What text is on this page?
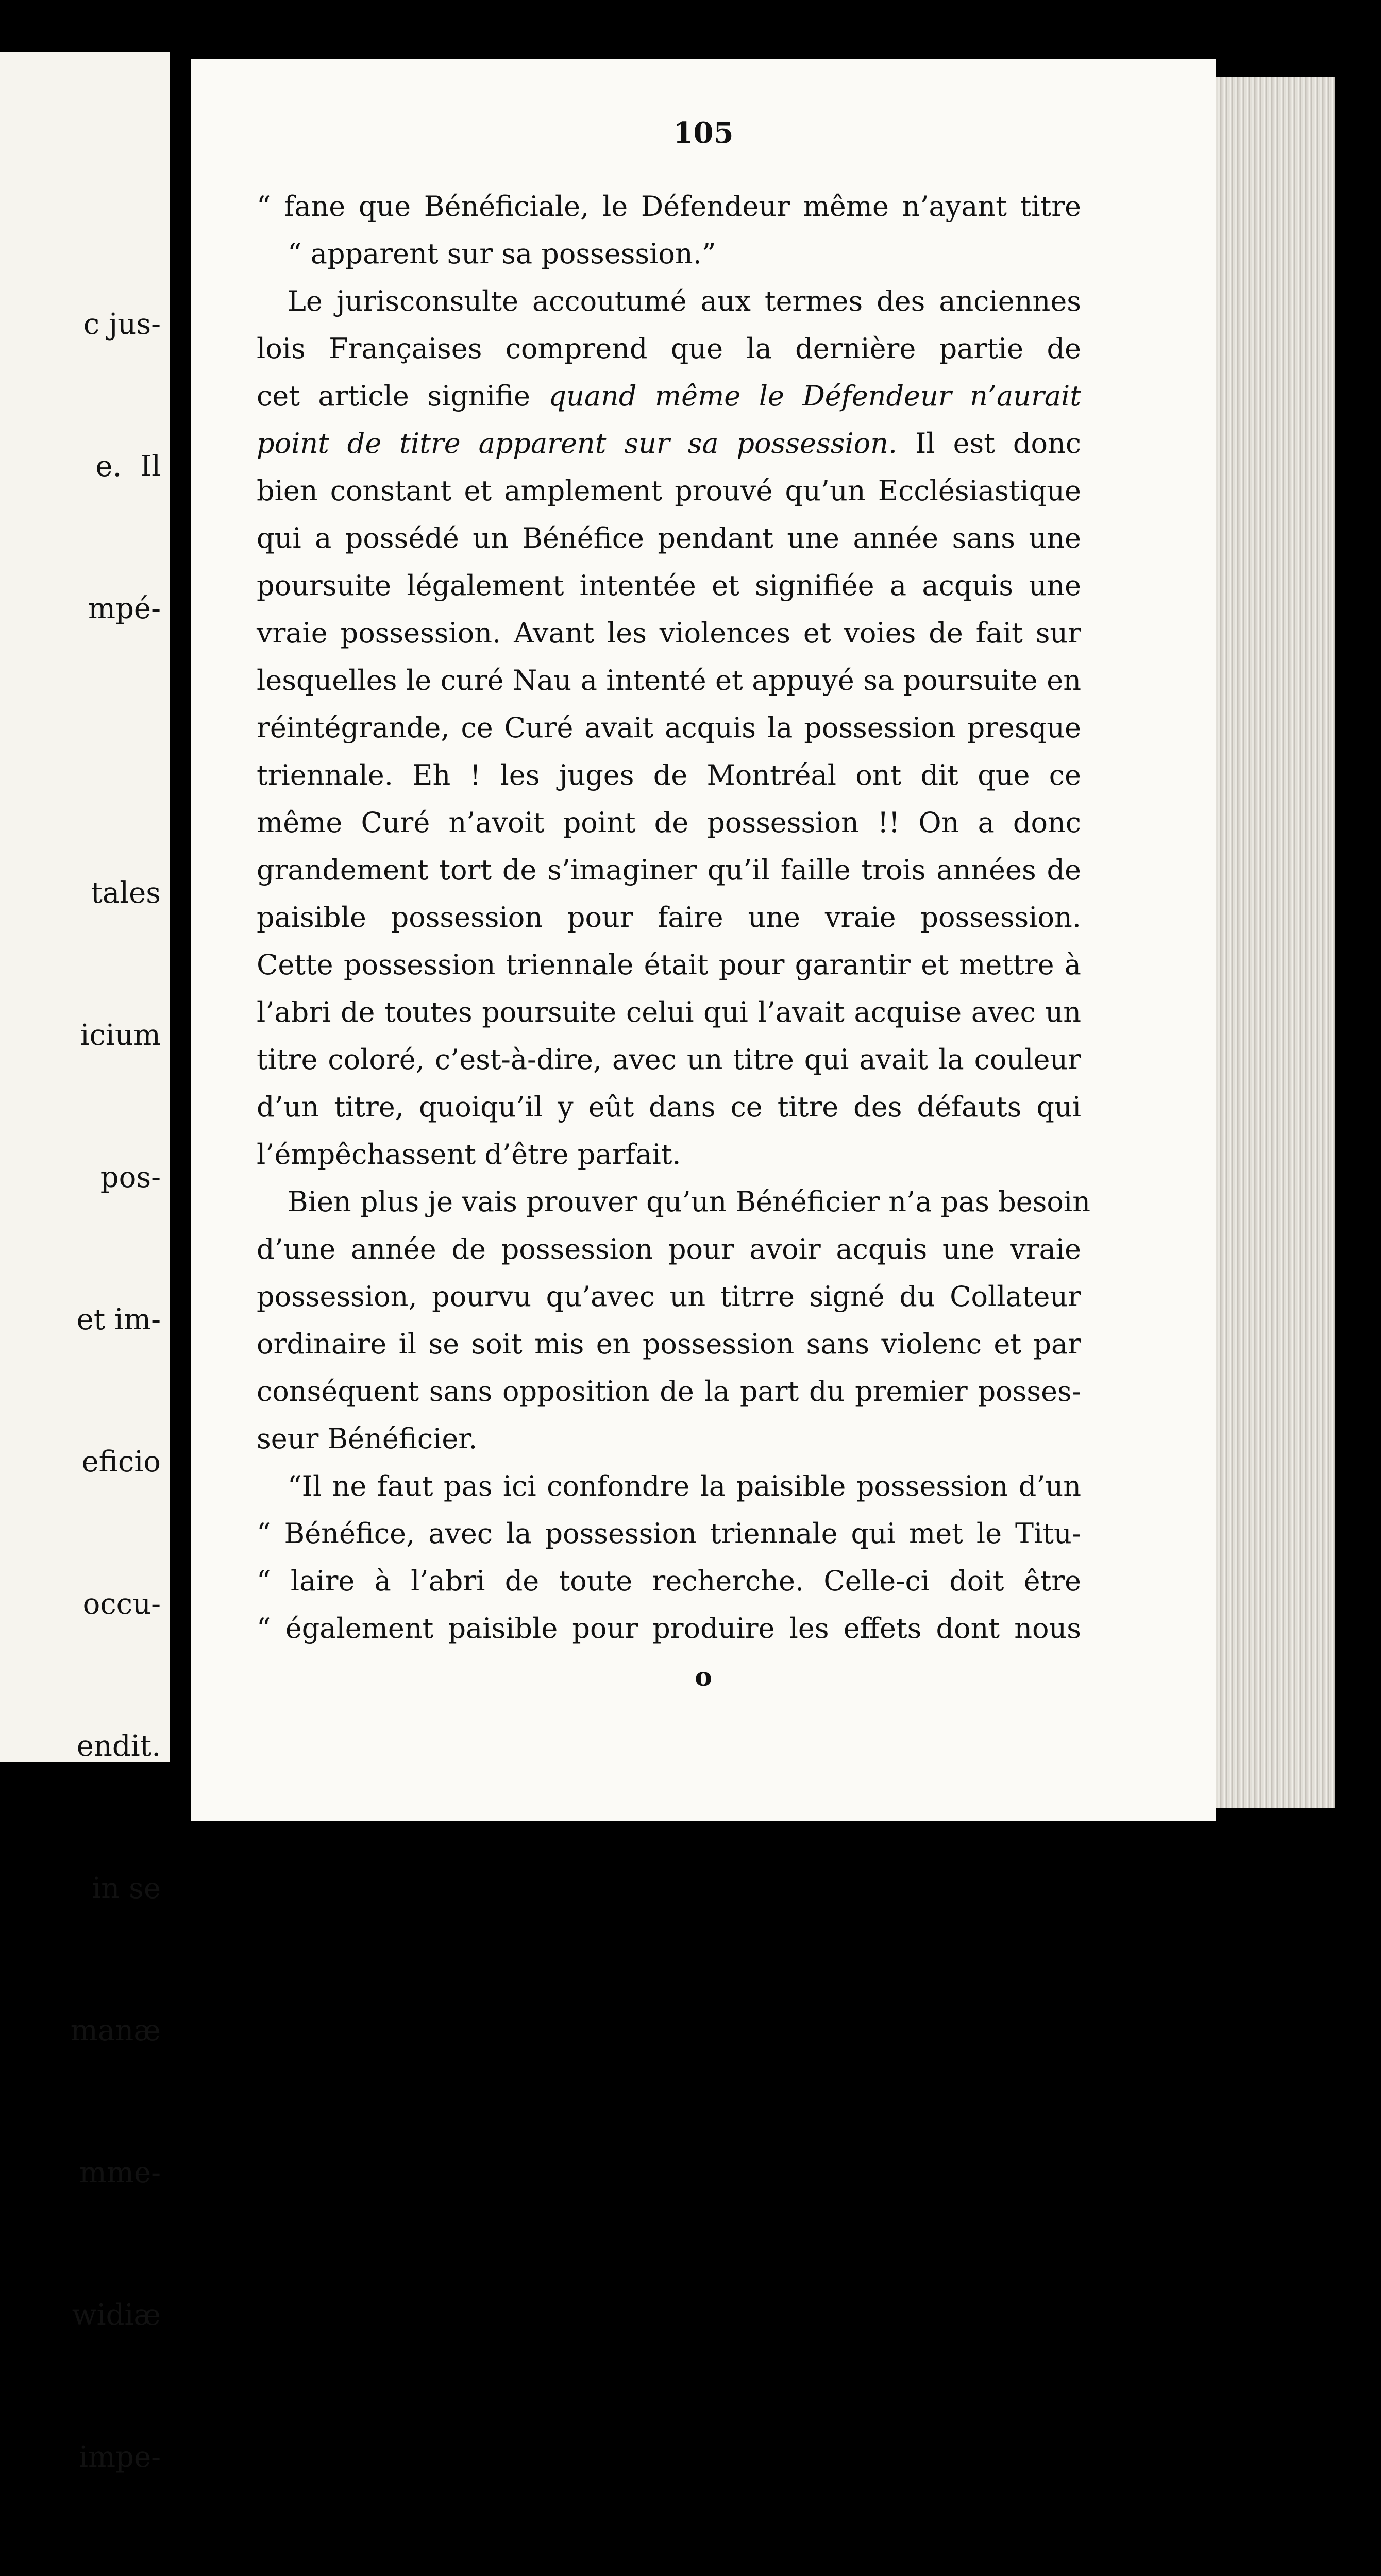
c jus-

e.  Il

mpé-

tales

icium

pos-

et im-

eficio

occu-

endit.

in se

manæ

mme-

widiæ

impe-

105
“ fane que Bénéficiale, le Défendeur même n’ayant titre
“ apparent sur sa possession.”
Le jurisconsulte accoutumé aux termes des anciennes
lois Françaises comprend que la dernière partie de
cet article signifie quand même le Défendeur n’aurait
point de titre apparent sur sa possession. Il est donc
bien constant et amplement prouvé qu’un Ecclésiastique
qui a possédé un Bénéfice pendant une année sans une
poursuite légalement intentée et signifiée a acquis une
vraie possession. Avant les violences et voies de fait sur
lesquelles le curé Nau a intenté et appuyé sa poursuite en
réintégrande, ce Curé avait acquis la possession presque
triennale. Eh ! les juges de Montréal ont dit que ce
même Curé n’avoit point de possession !! On a donc
grandement tort de s’imaginer qu’il faille trois années de
paisible possession pour faire une vraie possession.
Cette possession triennale était pour garantir et mettre à
l’abri de toutes poursuite celui qui l’avait acquise avec un
titre coloré, c’est-à-dire, avec un titre qui avait la couleur
d’un titre, quoiqu’il y eût dans ce titre des défauts qui
l’émpêchassent d’être parfait.
Bien plus je vais prouver qu’un Bénéficier n’a pas besoin
d’une année de possession pour avoir acquis une vraie
possession, pourvu qu’avec un titrre signé du Collateur
ordinaire il se soit mis en possession sans violenc et par
conséquent sans opposition de la part du premier posses-
seur Bénéficier.
“Il ne faut pas ici confondre la paisible possession d’un
“ Bénéfice, avec la possession triennale qui met le Titu-
“ laire à l’abri de toute recherche. Celle-ci doit être
“ également paisible pour produire les effets dont nous
o
